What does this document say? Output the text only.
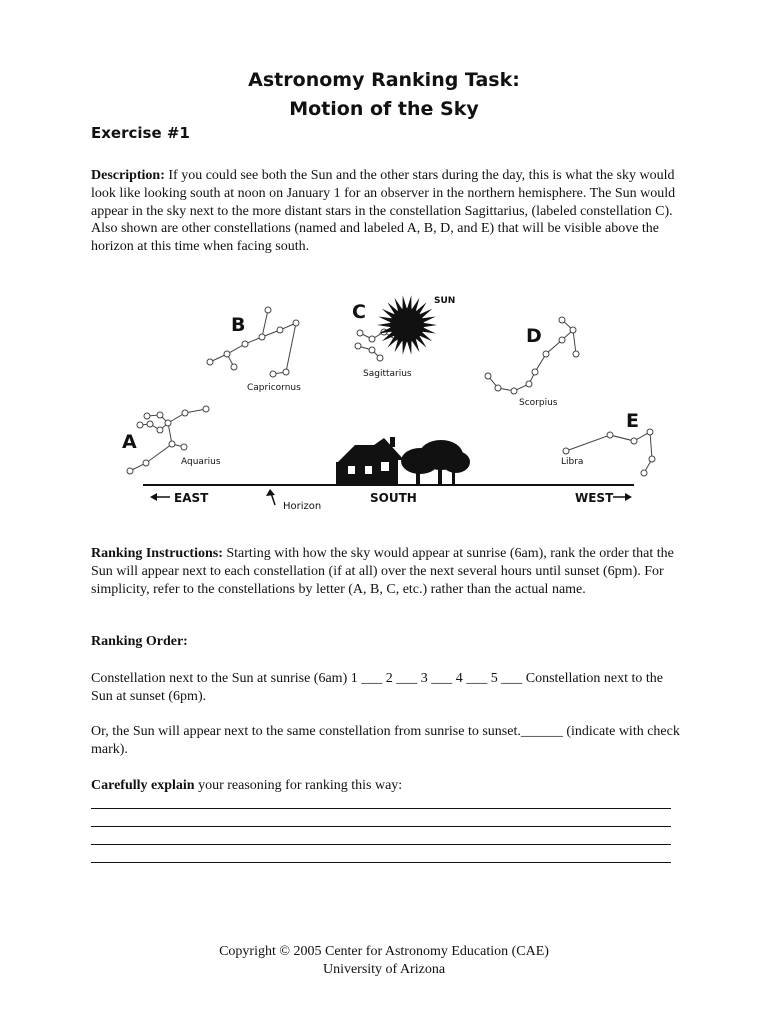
Astronomy Ranking Task:
Motion of the Sky
Exercise #1
Description: If you could see both the Sun and the other stars during the day, this is what the sky would look like looking south at noon on January 1 for an observer in the northern hemisphere. The Sun would appear in the sky next to the more distant stars in the constellation Sagittarius, (labeled constellation C). Also shown are other constellations (named and labeled A, B, D, and E) that will be visible above the horizon at this time when facing south.
A
Aquarius
B
Capricornus
SUN
C
Sagittarius
D
Scorpius
E
Libra
EAST
Horizon
SOUTH	WEST
Ranking Instructions: Starting with how the sky would appear at sunrise (6am), rank the order that the Sun will appear next to each constellation (if at all) over the next several hours until sunset (6pm). For simplicity, refer to the constellations by letter (A, B, C, etc.) rather than the actual name.
Ranking Order:
Constellation next to the Sun at sunrise (6am) 1 ___ 2 ___ 3 ___ 4 ___ 5 ___ Constellation next to the Sun at sunset (6pm).
Or, the Sun will appear next to the same constellation from sunrise to sunset.______ (indicate with check mark).
Carefully explain your reasoning for ranking this way:
Copyright © 2005 Center for Astronomy Education (CAE)
University of Arizona
